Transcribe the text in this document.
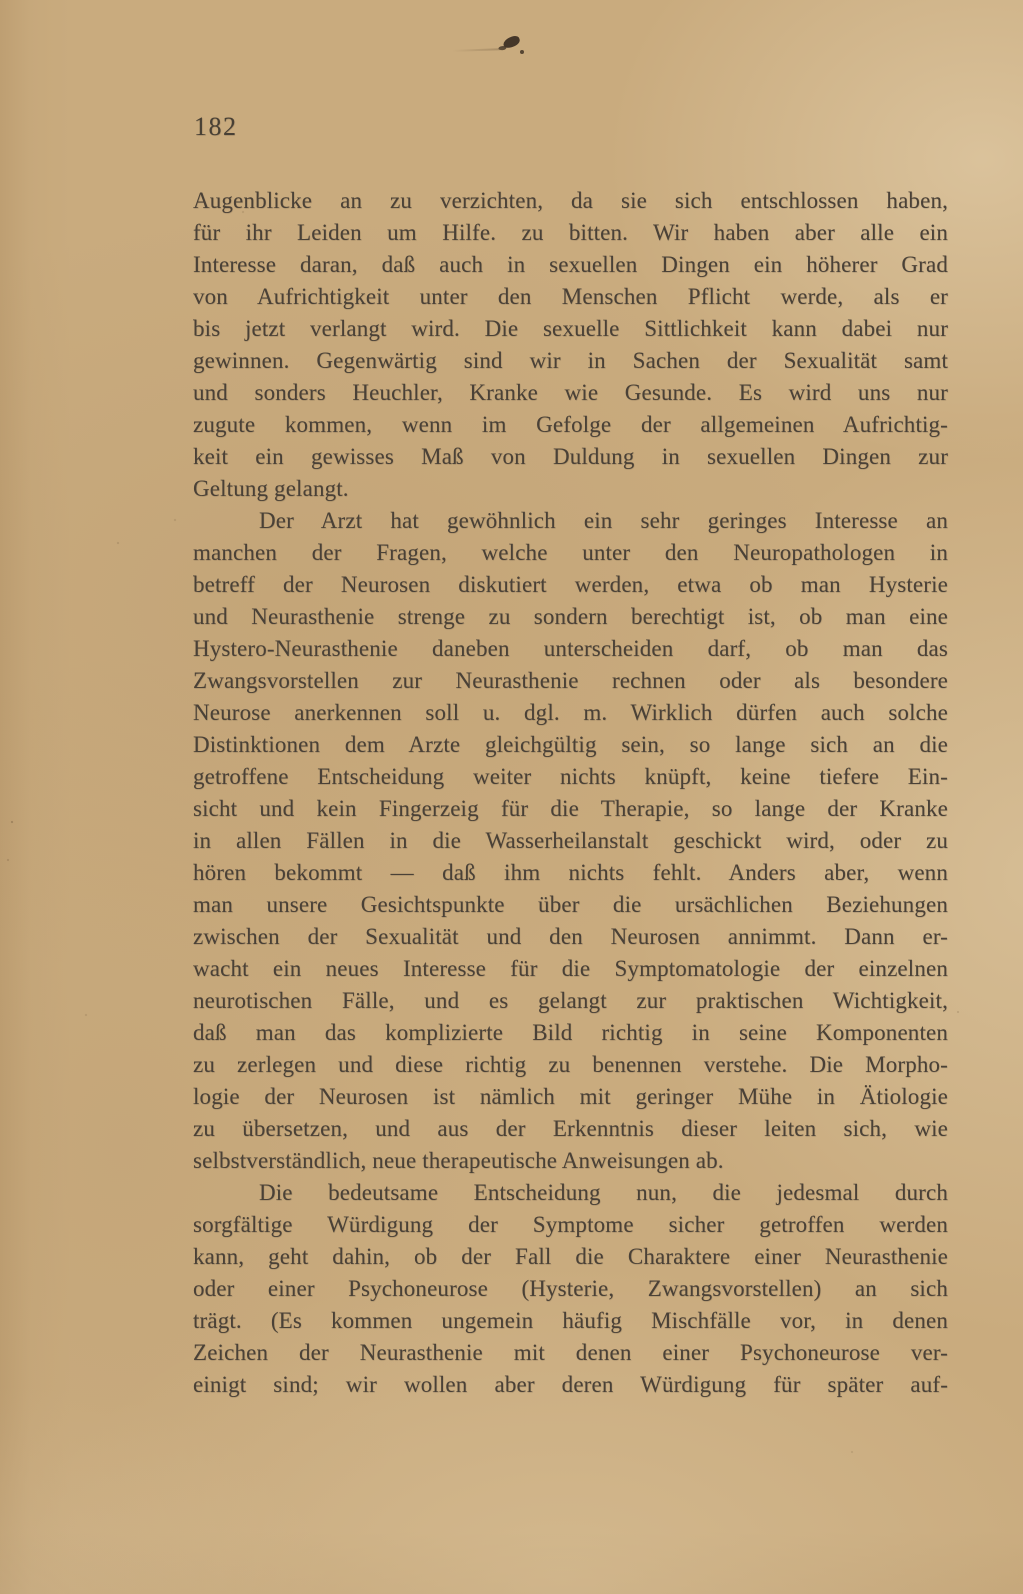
182
Augenblicke an zu verzichten, da sie sich entschlossen haben,
für ihr Leiden um Hilfe. zu bitten. Wir haben aber alle ein
Interesse daran, daß auch in sexuellen Dingen ein höherer Grad
von Aufrichtigkeit unter den Menschen Pflicht werde, als er
bis jetzt verlangt wird. Die sexuelle Sittlichkeit kann dabei nur
gewinnen. Gegenwärtig sind wir in Sachen der Sexualität samt
und sonders Heuchler, Kranke wie Gesunde. Es wird uns nur
zugute kommen, wenn im Gefolge der allgemeinen Aufrichtig-
keit ein gewisses Maß von Duldung in sexuellen Dingen zur
Geltung gelangt.
Der Arzt hat gewöhnlich ein sehr geringes Interesse an
manchen der Fragen, welche unter den Neuropathologen in
betreff der Neurosen diskutiert werden, etwa ob man Hysterie
und Neurasthenie strenge zu sondern berechtigt ist, ob man eine
Hystero-Neurasthenie daneben unterscheiden darf, ob man das
Zwangsvorstellen zur Neurasthenie rechnen oder als besondere
Neurose anerkennen soll u. dgl. m. Wirklich dürfen auch solche
Distinktionen dem Arzte gleichgültig sein, so lange sich an die
getroffene Entscheidung weiter nichts knüpft, keine tiefere Ein-
sicht und kein Fingerzeig für die Therapie, so lange der Kranke
in allen Fällen in die Wasserheilanstalt geschickt wird, oder zu
hören bekommt — daß ihm nichts fehlt. Anders aber, wenn
man unsere Gesichtspunkte über die ursächlichen Beziehungen
zwischen der Sexualität und den Neurosen annimmt. Dann er-
wacht ein neues Interesse für die Symptomatologie der einzelnen
neurotischen Fälle, und es gelangt zur praktischen Wichtigkeit,
daß man das komplizierte Bild richtig in seine Komponenten
zu zerlegen und diese richtig zu benennen verstehe. Die Morpho-
logie der Neurosen ist nämlich mit geringer Mühe in Ätiologie
zu übersetzen, und aus der Erkenntnis dieser leiten sich, wie
selbstverständlich, neue therapeutische Anweisungen ab.
Die bedeutsame Entscheidung nun, die jedesmal durch
sorgfältige Würdigung der Symptome sicher getroffen werden
kann, geht dahin, ob der Fall die Charaktere einer Neurasthenie
oder einer Psychoneurose (Hysterie, Zwangsvorstellen) an sich
trägt. (Es kommen ungemein häufig Mischfälle vor, in denen
Zeichen der Neurasthenie mit denen einer Psychoneurose ver-
einigt sind; wir wollen aber deren Würdigung für später auf-
